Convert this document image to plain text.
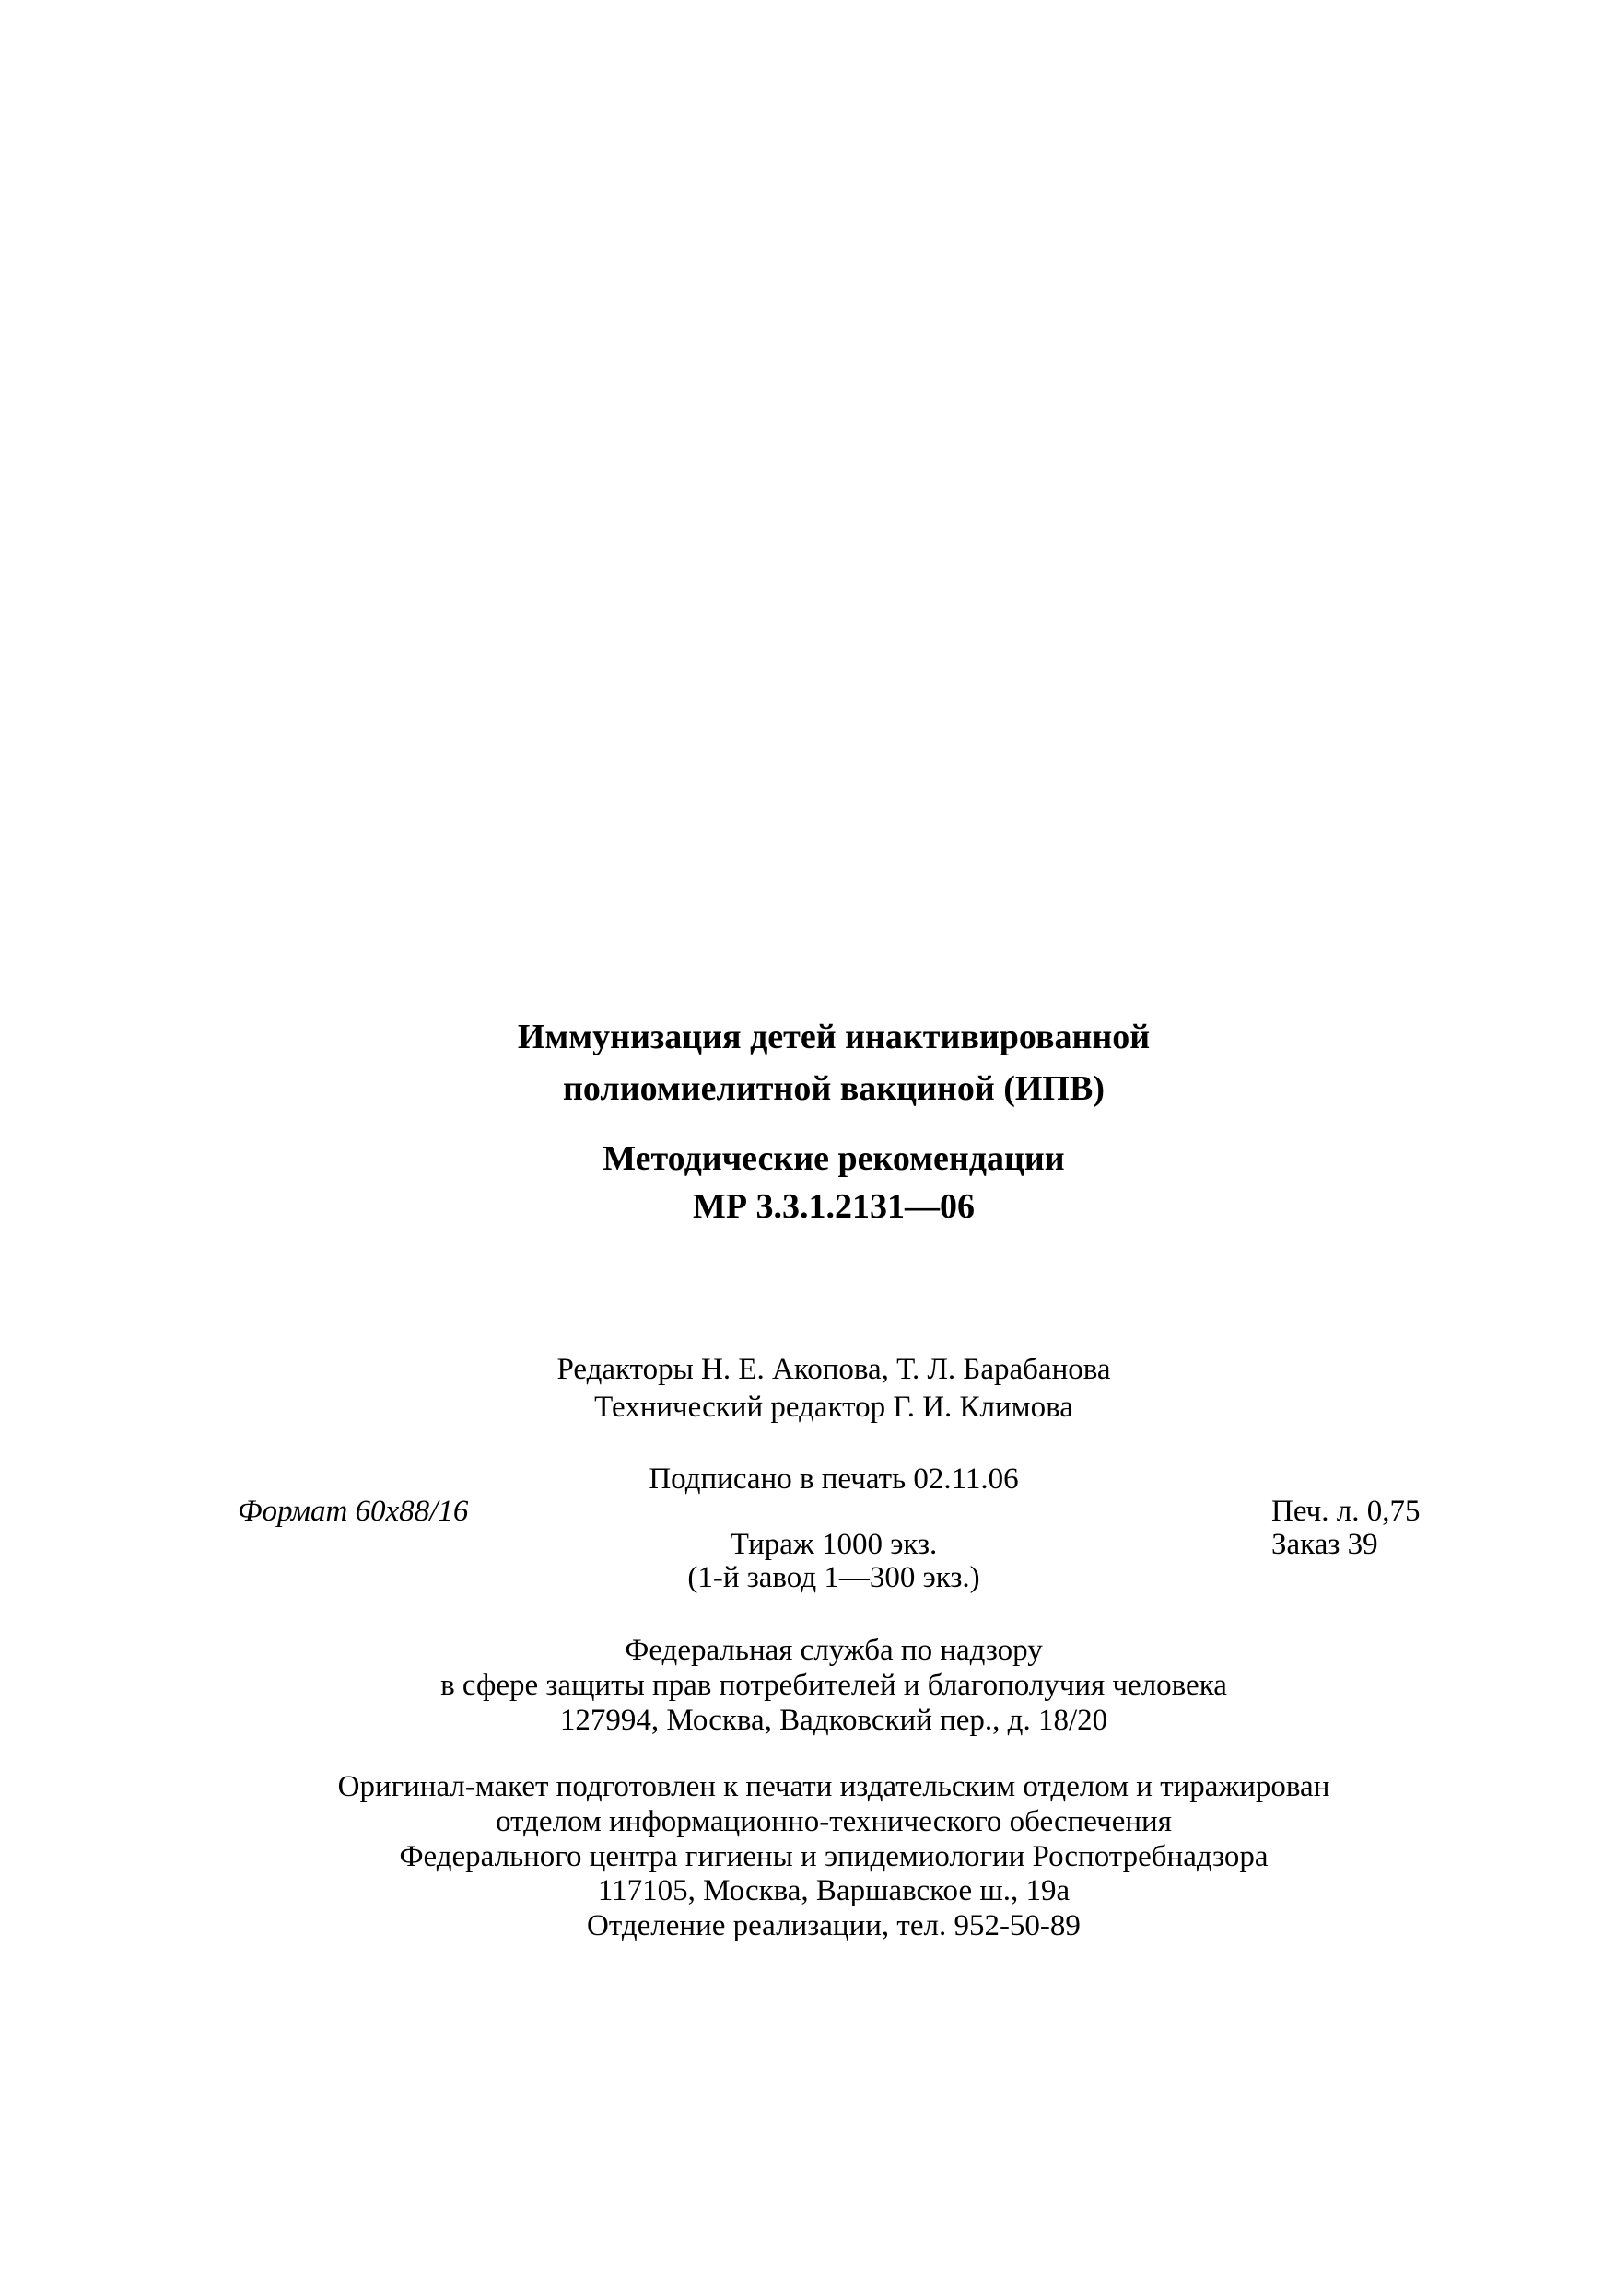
Иммунизация детей инактивированной
полиомиелитной вакциной (ИПВ)
Методические рекомендации
МР 3.3.1.2131—06
Редакторы Н. Е. Акопова, Т. Л. Барабанова
Технический редактор Г. И. Климова
Подписано в печать 02.11.06
Формат 60x88/16	Печ. л. 0,75
Тираж 1000 экз.	Заказ 39
(1-й завод 1—300 экз.)
Федеральная служба по надзору
в сфере защиты прав потребителей и благополучия человека
127994, Москва, Вадковский пер., д. 18/20
Оригинал-макет подготовлен к печати издательским отделом и тиражирован
отделом информационно-технического обеспечения
Федерального центра гигиены и эпидемиологии Роспотребнадзора
117105, Москва, Варшавское ш., 19а
Отделение реализации, тел. 952-50-89
